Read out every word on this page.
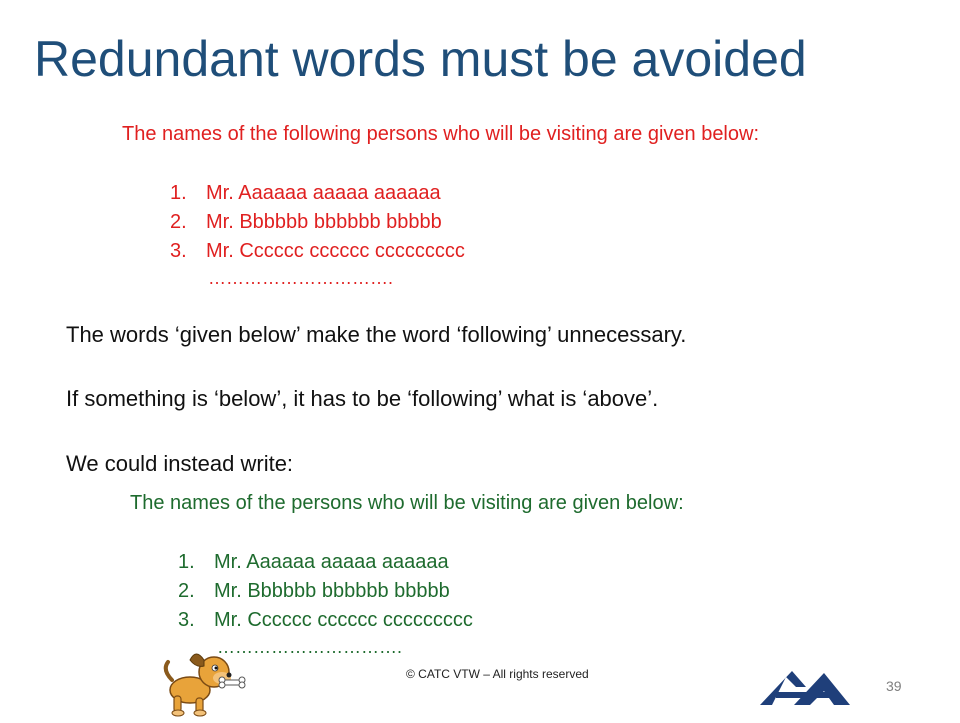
Redundant words must be avoided
The names of the following persons who will be visiting are given below:
1. Mr. Aaaaaa aaaaa aaaaaa
2. Mr. Bbbbbb bbbbbb bbbbb
3. Mr. Cccccc cccccc ccccccccc
………………………….
The words ‘given below’ make the word ‘following’ unnecessary.
If something is ‘below’, it has to be ‘following’ what is ‘above’.
We could instead write:
The names of the persons who will be visiting are given below:
1. Mr. Aaaaaa aaaaa aaaaaa
2. Mr. Bbbbbb bbbbbb bbbbb
3. Mr. Cccccc cccccc ccccccccc
………………………….
© CATC VTW – All rights reserved
39
